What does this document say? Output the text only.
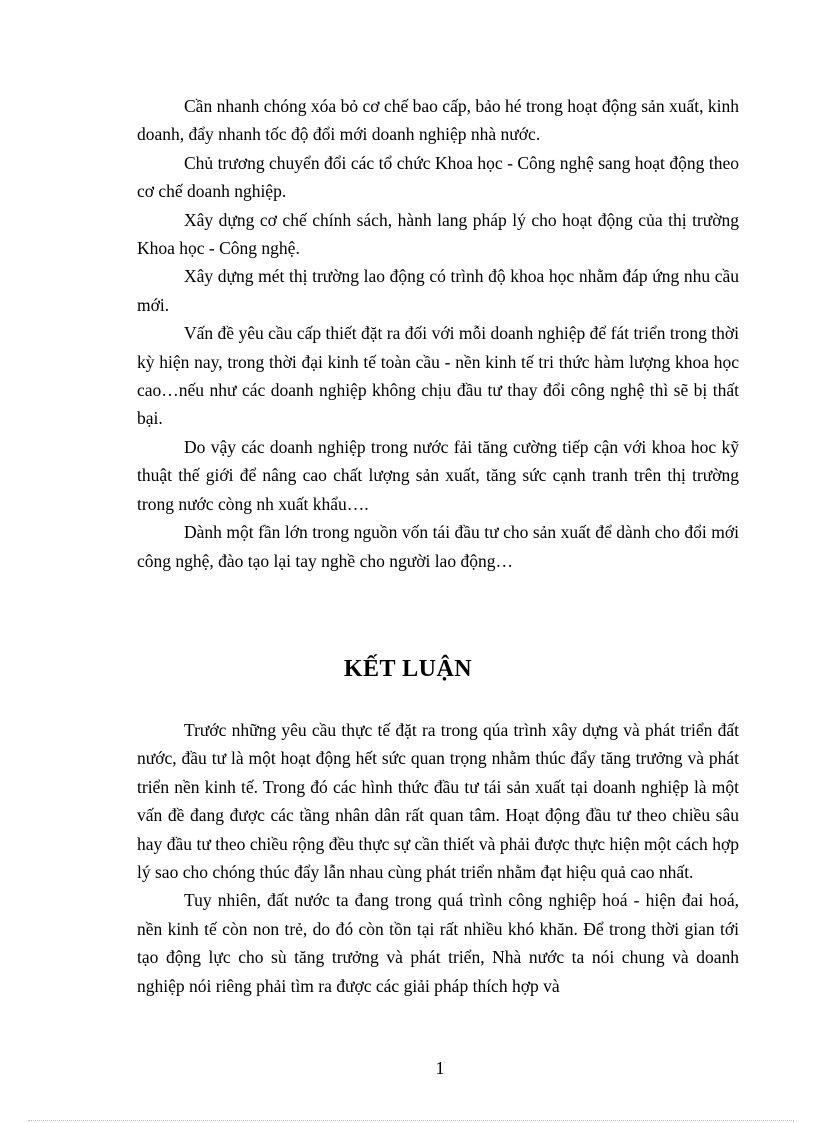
Cần nhanh chóng xóa bỏ cơ chế bao cấp, bảo hé trong hoạt động sản xuất, kinh doanh, đẩy nhanh tốc độ đổi mới doanh nghiệp nhà nước.

Chủ trương chuyển đổi các tổ chức Khoa học - Công nghệ sang hoạt động theo cơ chế doanh nghiệp.

Xây dựng cơ chế chính sách, hành lang pháp lý cho hoạt động của thị trường Khoa học - Công nghệ.

Xây dựng mét thị trường lao động có trình độ khoa học nhằm đáp ứng nhu cầu mới.

Vấn đề yêu cầu cấp thiết đặt ra đối với mỗi doanh nghiệp để fát triển trong thời kỳ hiện nay, trong thời đại kinh tế toàn cầu - nền kinh tế tri thức hàm lượng khoa học cao…nếu như các doanh nghiệp không chịu đầu tư thay đổi công nghệ thì sẽ bị thất bại.

Do vậy các doanh nghiệp trong nước fải tăng cường tiếp cận với khoa hoc kỹ thuật thế giới để nâng cao chất lượng sản xuất, tăng sức cạnh tranh trên thị trường trong nước còng nh xuất khẩu….

Dành một fần lớn trong nguồn vốn tái đầu tư cho sản xuất để dành cho đổi mới công nghệ, đào tạo lại tay nghề cho người lao động…

KẾT LUẬN

Trước những yêu cầu thực tế đặt ra trong qúa trình xây dựng và phát triển đất nước, đầu tư là một hoạt động hết sức quan trọng nhằm thúc đẩy tăng trưởng và phát triển nền kinh tế. Trong đó các hình thức đầu tư tái sản xuất tại doanh nghiệp là một vấn đề đang được các tầng nhân dân rất quan tâm. Hoạt động đầu tư theo chiều sâu hay đầu tư theo chiều rộng đều thực sự cần thiết và phải được thực hiện một cách hợp lý sao cho chóng thúc đẩy lẫn nhau cùng phát triển nhằm đạt hiệu quả cao nhất.

Tuy nhiên, đất nước ta đang trong quá trình công nghiệp hoá - hiện đai hoá, nền kinh tế còn non trẻ, do đó còn tồn tại rất nhiều khó khăn. Để trong thời gian tới tạo động lực cho sù tăng trưởng và phát triển, Nhà nước ta nói chung và doanh nghiệp nói riêng phải tìm ra được các giải pháp thích hợp và

1
